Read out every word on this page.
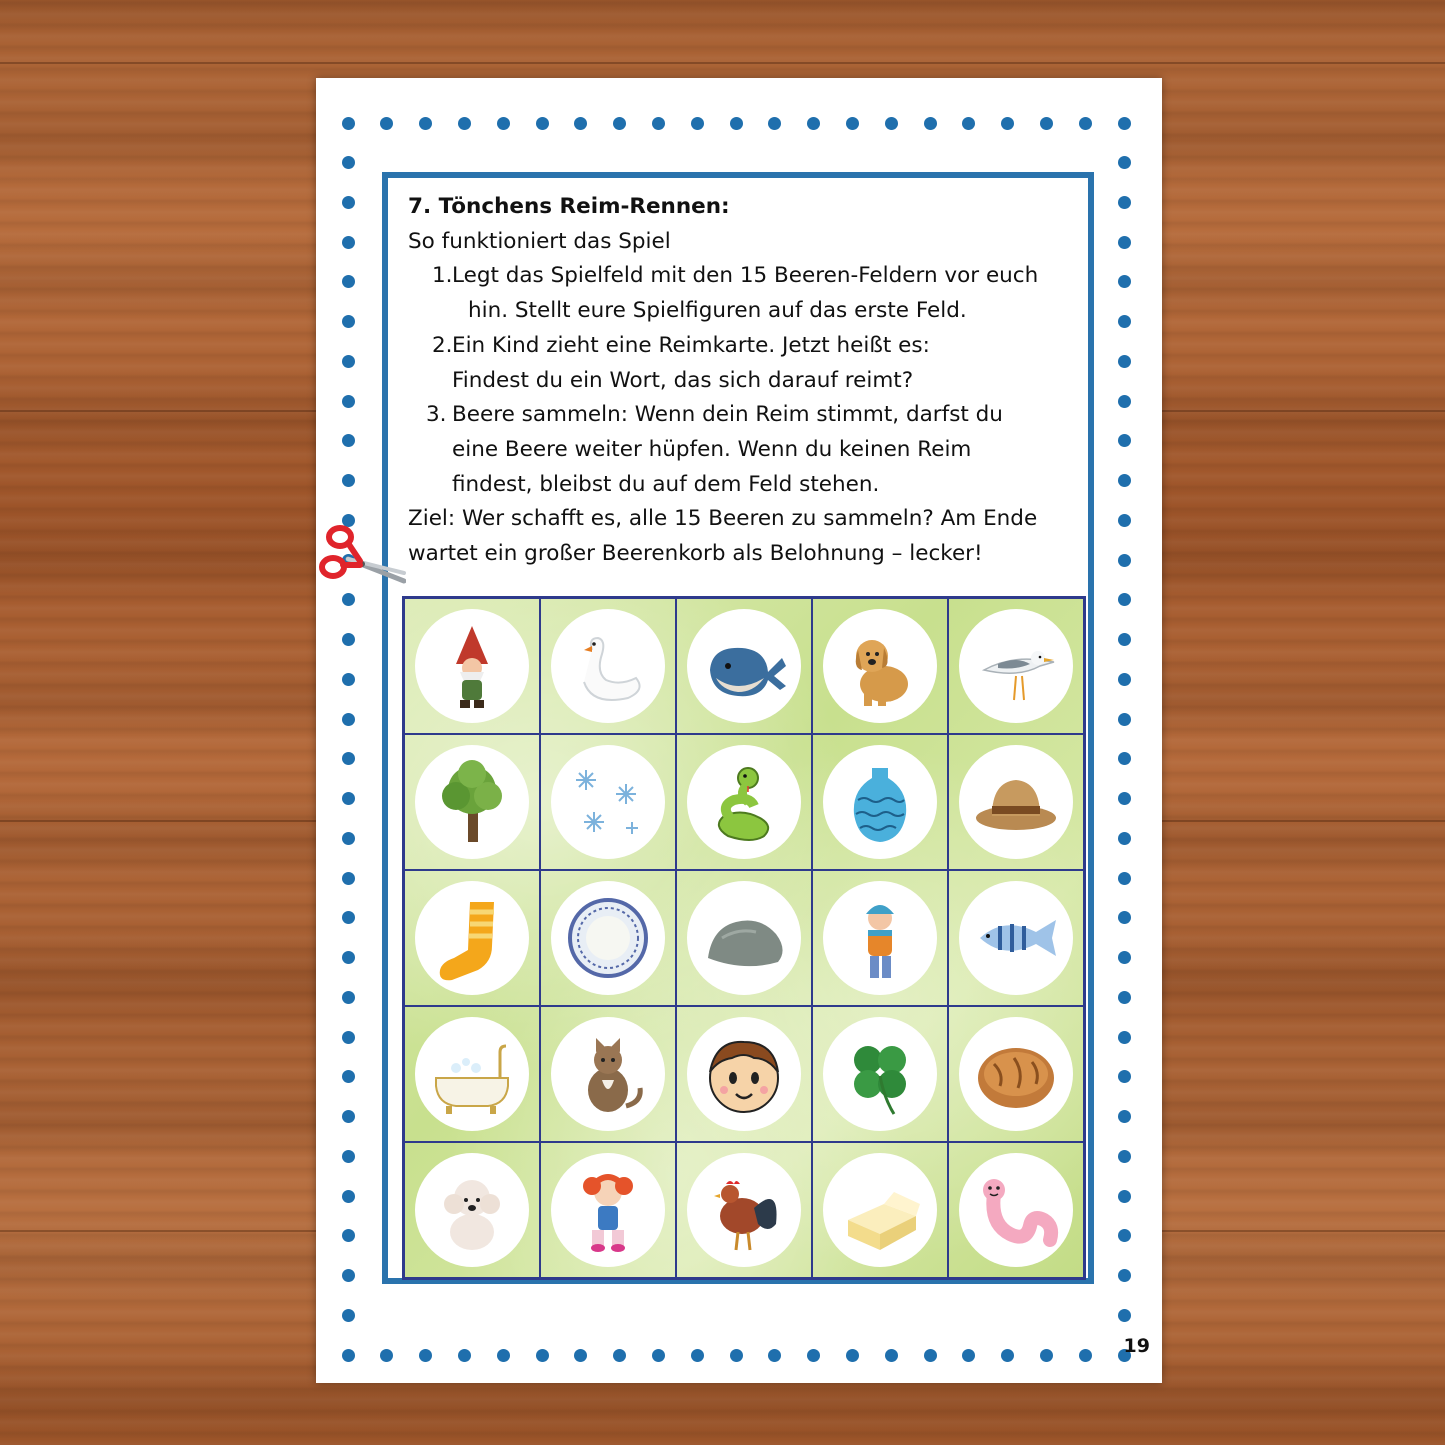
7. Tönchens Reim-Rennen:
So funktioniert das Spiel
1. Legt das Spielfeld mit den 15 Beeren-Feldern vor euch
hin. Stellt eure Spielfiguren auf das erste Feld.
2. Ein Kind zieht eine Reimkarte. Jetzt heißt es:
Findest du ein Wort, das sich darauf reimt?
3. Beere sammeln: Wenn dein Reim stimmt, darfst du
eine Beere weiter hüpfen. Wenn du keinen Reim
findest, bleibst du auf dem Feld stehen.
Ziel: Wer schafft es, alle 15 Beeren zu sammeln? Am Ende
wartet ein großer Beerenkorb als Belohnung – lecker!
19
